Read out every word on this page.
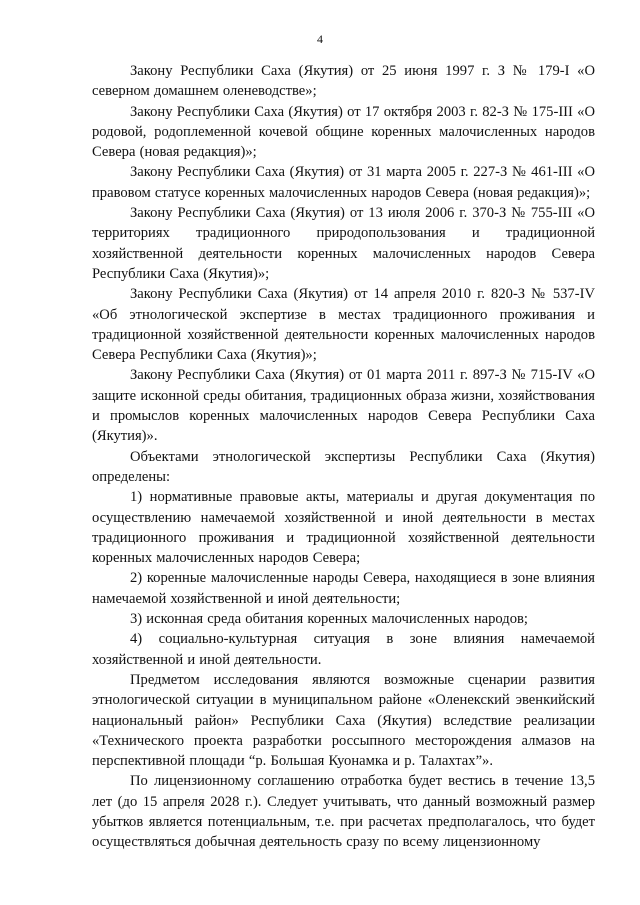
4

Закону Республики Саха (Якутия) от 25 июня 1997 г. З № 179-I «О северном домашнем оленеводстве»;

Закону Республики Саха (Якутия) от 17 октября 2003 г. 82-З № 175-III «О родовой, родоплеменной кочевой общине коренных малочисленных народов Севера (новая редакция)»;

Закону Республики Саха (Якутия) от 31 марта 2005 г. 227-З № 461-III «О правовом статусе коренных малочисленных народов Севера (новая редакция)»;

Закону Республики Саха (Якутия) от 13 июля 2006 г. 370-З № 755-III «О территориях традиционного природопользования и традиционной хозяйственной деятельности коренных малочисленных народов Севера Республики Саха (Якутия)»;

Закону Республики Саха (Якутия) от 14 апреля 2010 г. 820-З № 537-IV «Об этнологической экспертизе в местах традиционного проживания и традиционной хозяйственной деятельности коренных малочисленных народов Севера Республики Саха (Якутия)»;

Закону Республики Саха (Якутия) от 01 марта 2011 г. 897-З № 715-IV «О защите исконной среды обитания, традиционных образа жизни, хозяйствования и промыслов коренных малочисленных народов Севера Республики Саха (Якутия)».

Объектами этнологической экспертизы Республики Саха (Якутия) определены:

1) нормативные правовые акты, материалы и другая документация по осуществлению намечаемой хозяйственной и иной деятельности в местах традиционного проживания и традиционной хозяйственной деятельности коренных малочисленных народов Севера;

2) коренные малочисленные народы Севера, находящиеся в зоне влияния намечаемой хозяйственной и иной деятельности;

3) исконная среда обитания коренных малочисленных народов;

4) социально-культурная ситуация в зоне влияния намечаемой хозяйственной и иной деятельности.

Предметом исследования являются возможные сценарии развития этнологической ситуации в муниципальном районе «Оленекский эвенкийский национальный район» Республики Саха (Якутия) вследствие реализации «Технического проекта разработки россыпного месторождения алмазов на перспективной площади “р. Большая Куонамка и р. Талахтах”».

По лицензионному соглашению отработка будет вестись в течение 13,5 лет (до 15 апреля 2028 г.). Следует учитывать, что данный возможный размер убытков является потенциальным, т.е. при расчетах предполагалось, что будет осуществляться добычная деятельность сразу по всему лицензионному
